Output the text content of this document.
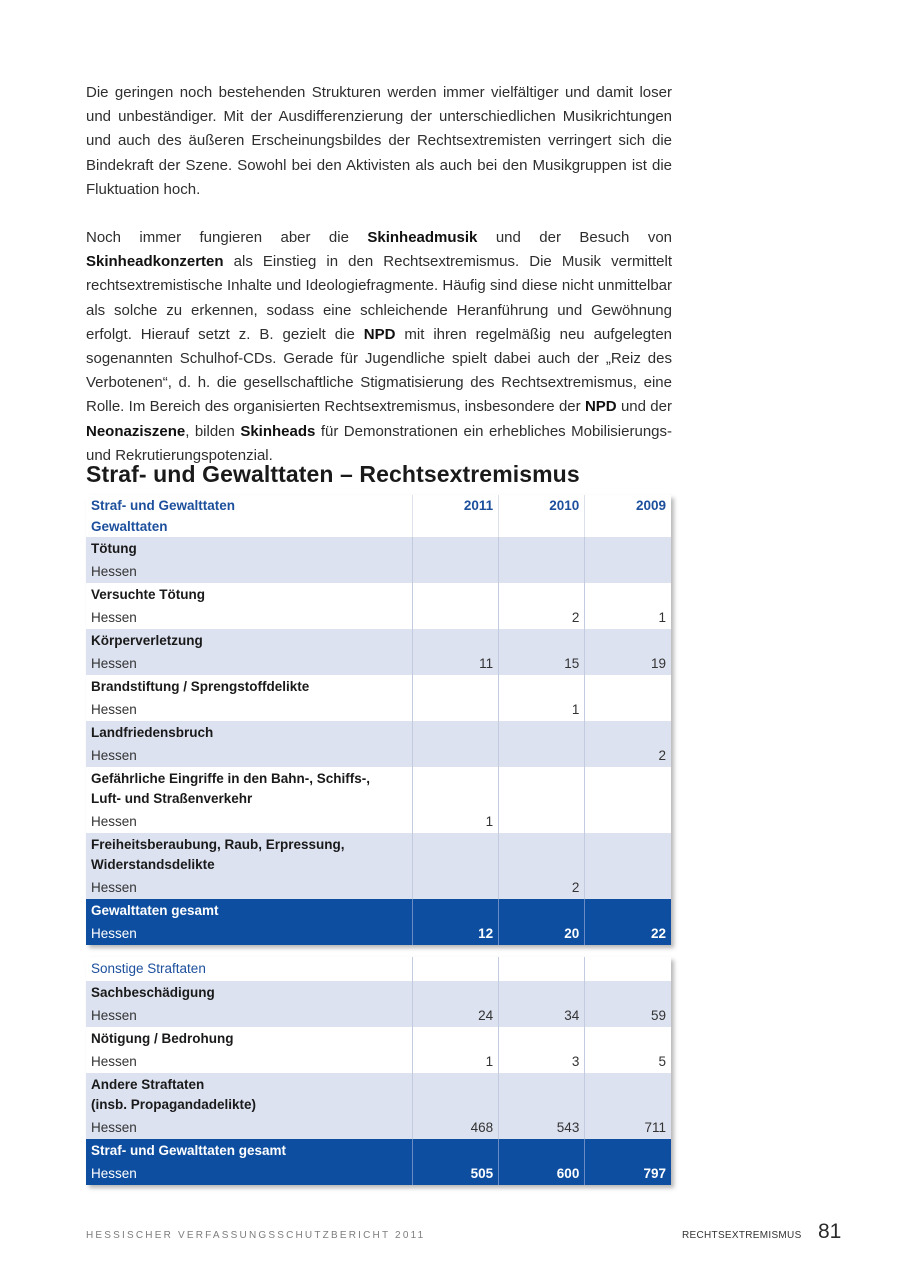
Die geringen noch bestehenden Strukturen werden immer vielfältiger und damit loser und unbeständiger. Mit der Ausdifferenzierung der unterschiedlichen Musikrichtungen und auch des äußeren Erscheinungsbildes der Rechtsextremisten verringert sich die Bindekraft der Szene. Sowohl bei den Aktivisten als auch bei den Musikgruppen ist die Fluktuation hoch.

Noch immer fungieren aber die Skinheadmusik und der Besuch von Skinheadkonzerten als Einstieg in den Rechtsextremismus. Die Musik vermittelt rechtsextremistische Inhalte und Ideologiefragmente. Häufig sind diese nicht unmittelbar als solche zu erkennen, sodass eine schleichende Heranführung und Gewöhnung erfolgt. Hierauf setzt z. B. gezielt die NPD mit ihren regelmäßig neu aufgelegten sogenannten Schulhof-CDs. Gerade für Jugendliche spielt dabei auch der „Reiz des Verbotenen“, d. h. die gesellschaftliche Stigmatisierung des Rechtsextremismus, eine Rolle. Im Bereich des organisierten Rechtsextremismus, insbesondere der NPD und der Neonaziszene, bilden Skinheads für Demonstrationen ein erhebliches Mobilisierungs- und Rekrutierungspotenzial.

Straf- und Gewalttaten – Rechtsextremismus
Straf- und Gewalttaten	2011	2010	2009
Gewalttaten			

Tötung			

Hessen			

Versuchte Tötung			

Hessen		2	1

Körperverletzung			

Hessen	11	15	19

Brandstiftung / Sprengstoffdelikte			

Hessen		1	

Landfriedensbruch			

Hessen			2

Gefährliche Eingriffe in den Bahn-, Schiffs-,
Luft- und Straßenverkehr			

Hessen	1		

Freiheitsberaubung, Raub, Erpressung,
Widerstandsdelikte			

Hessen		2	
Gewalttaten gesamt			
Hessen	12	20	22
Sonstige Straftaten			

Sachbeschädigung			

Hessen	24	34	59

Nötigung / Bedrohung			

Hessen	1	3	5

Andere Straftaten
(insb. Propagandadelikte)			

Hessen	468	543	711
Straf- und Gewalttaten gesamt			
Hessen	505	600	797
HESSISCHER VERFASSUNGSSCHUTZBERICHT 2011	RECHTSEXTREMISMUS 81
